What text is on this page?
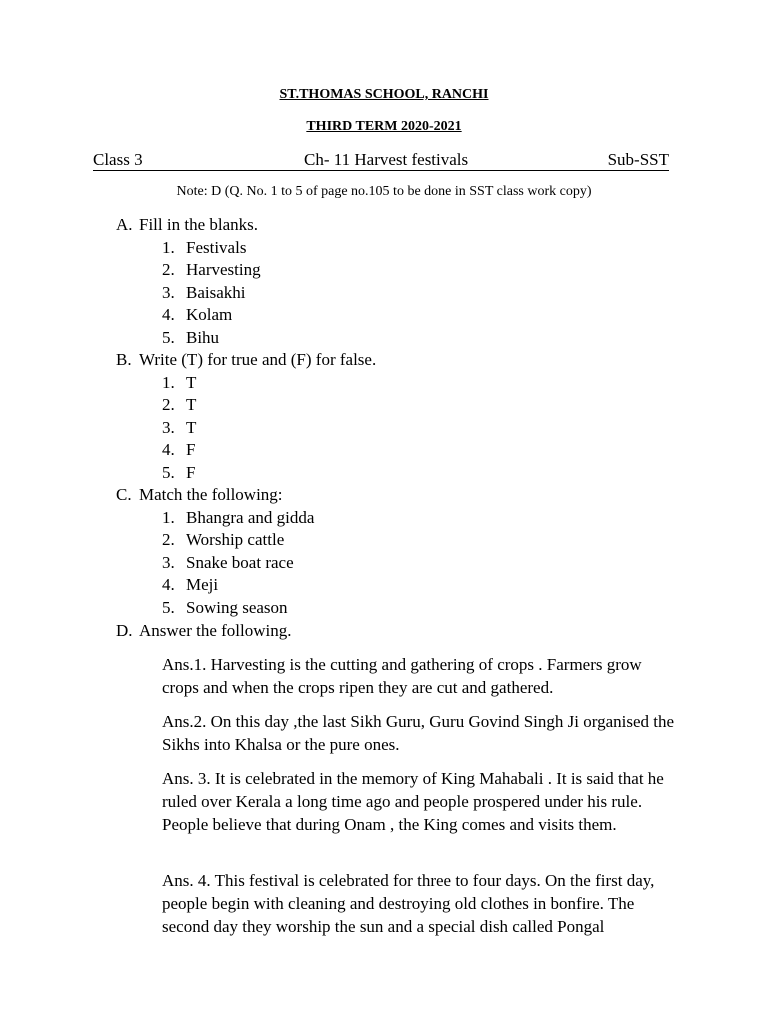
ST.THOMAS SCHOOL, RANCHI
THIRD TERM 2020-2021
Class 3	Ch- 11 Harvest festivals	Sub-SST
Note: D (Q. No. 1 to 5 of page no.105 to be done in SST class work copy)
A. Fill in the blanks.
1. Festivals
2. Harvesting
3. Baisakhi
4. Kolam
5. Bihu
B. Write (T) for true and (F) for false.
1. T
2. T
3. T
4. F
5. F
C. Match the following:
1. Bhangra and gidda
2. Worship cattle
3. Snake boat race
4. Meji
5. Sowing season
D. Answer the following.
Ans.1. Harvesting is the cutting and gathering of crops . Farmers grow crops and when the crops ripen they are cut and gathered.
Ans.2. On this day ,the last Sikh Guru, Guru Govind Singh Ji organised the Sikhs into Khalsa or the pure ones.
Ans. 3. It is celebrated in the memory of King Mahabali . It is said that he ruled over Kerala a long time ago and people prospered under his rule. People believe that during Onam , the King comes and visits them.
Ans. 4. This festival is celebrated for three to four days. On the first day, people begin with cleaning and destroying old clothes in bonfire. The second day they worship the sun and a special dish called Pongal
